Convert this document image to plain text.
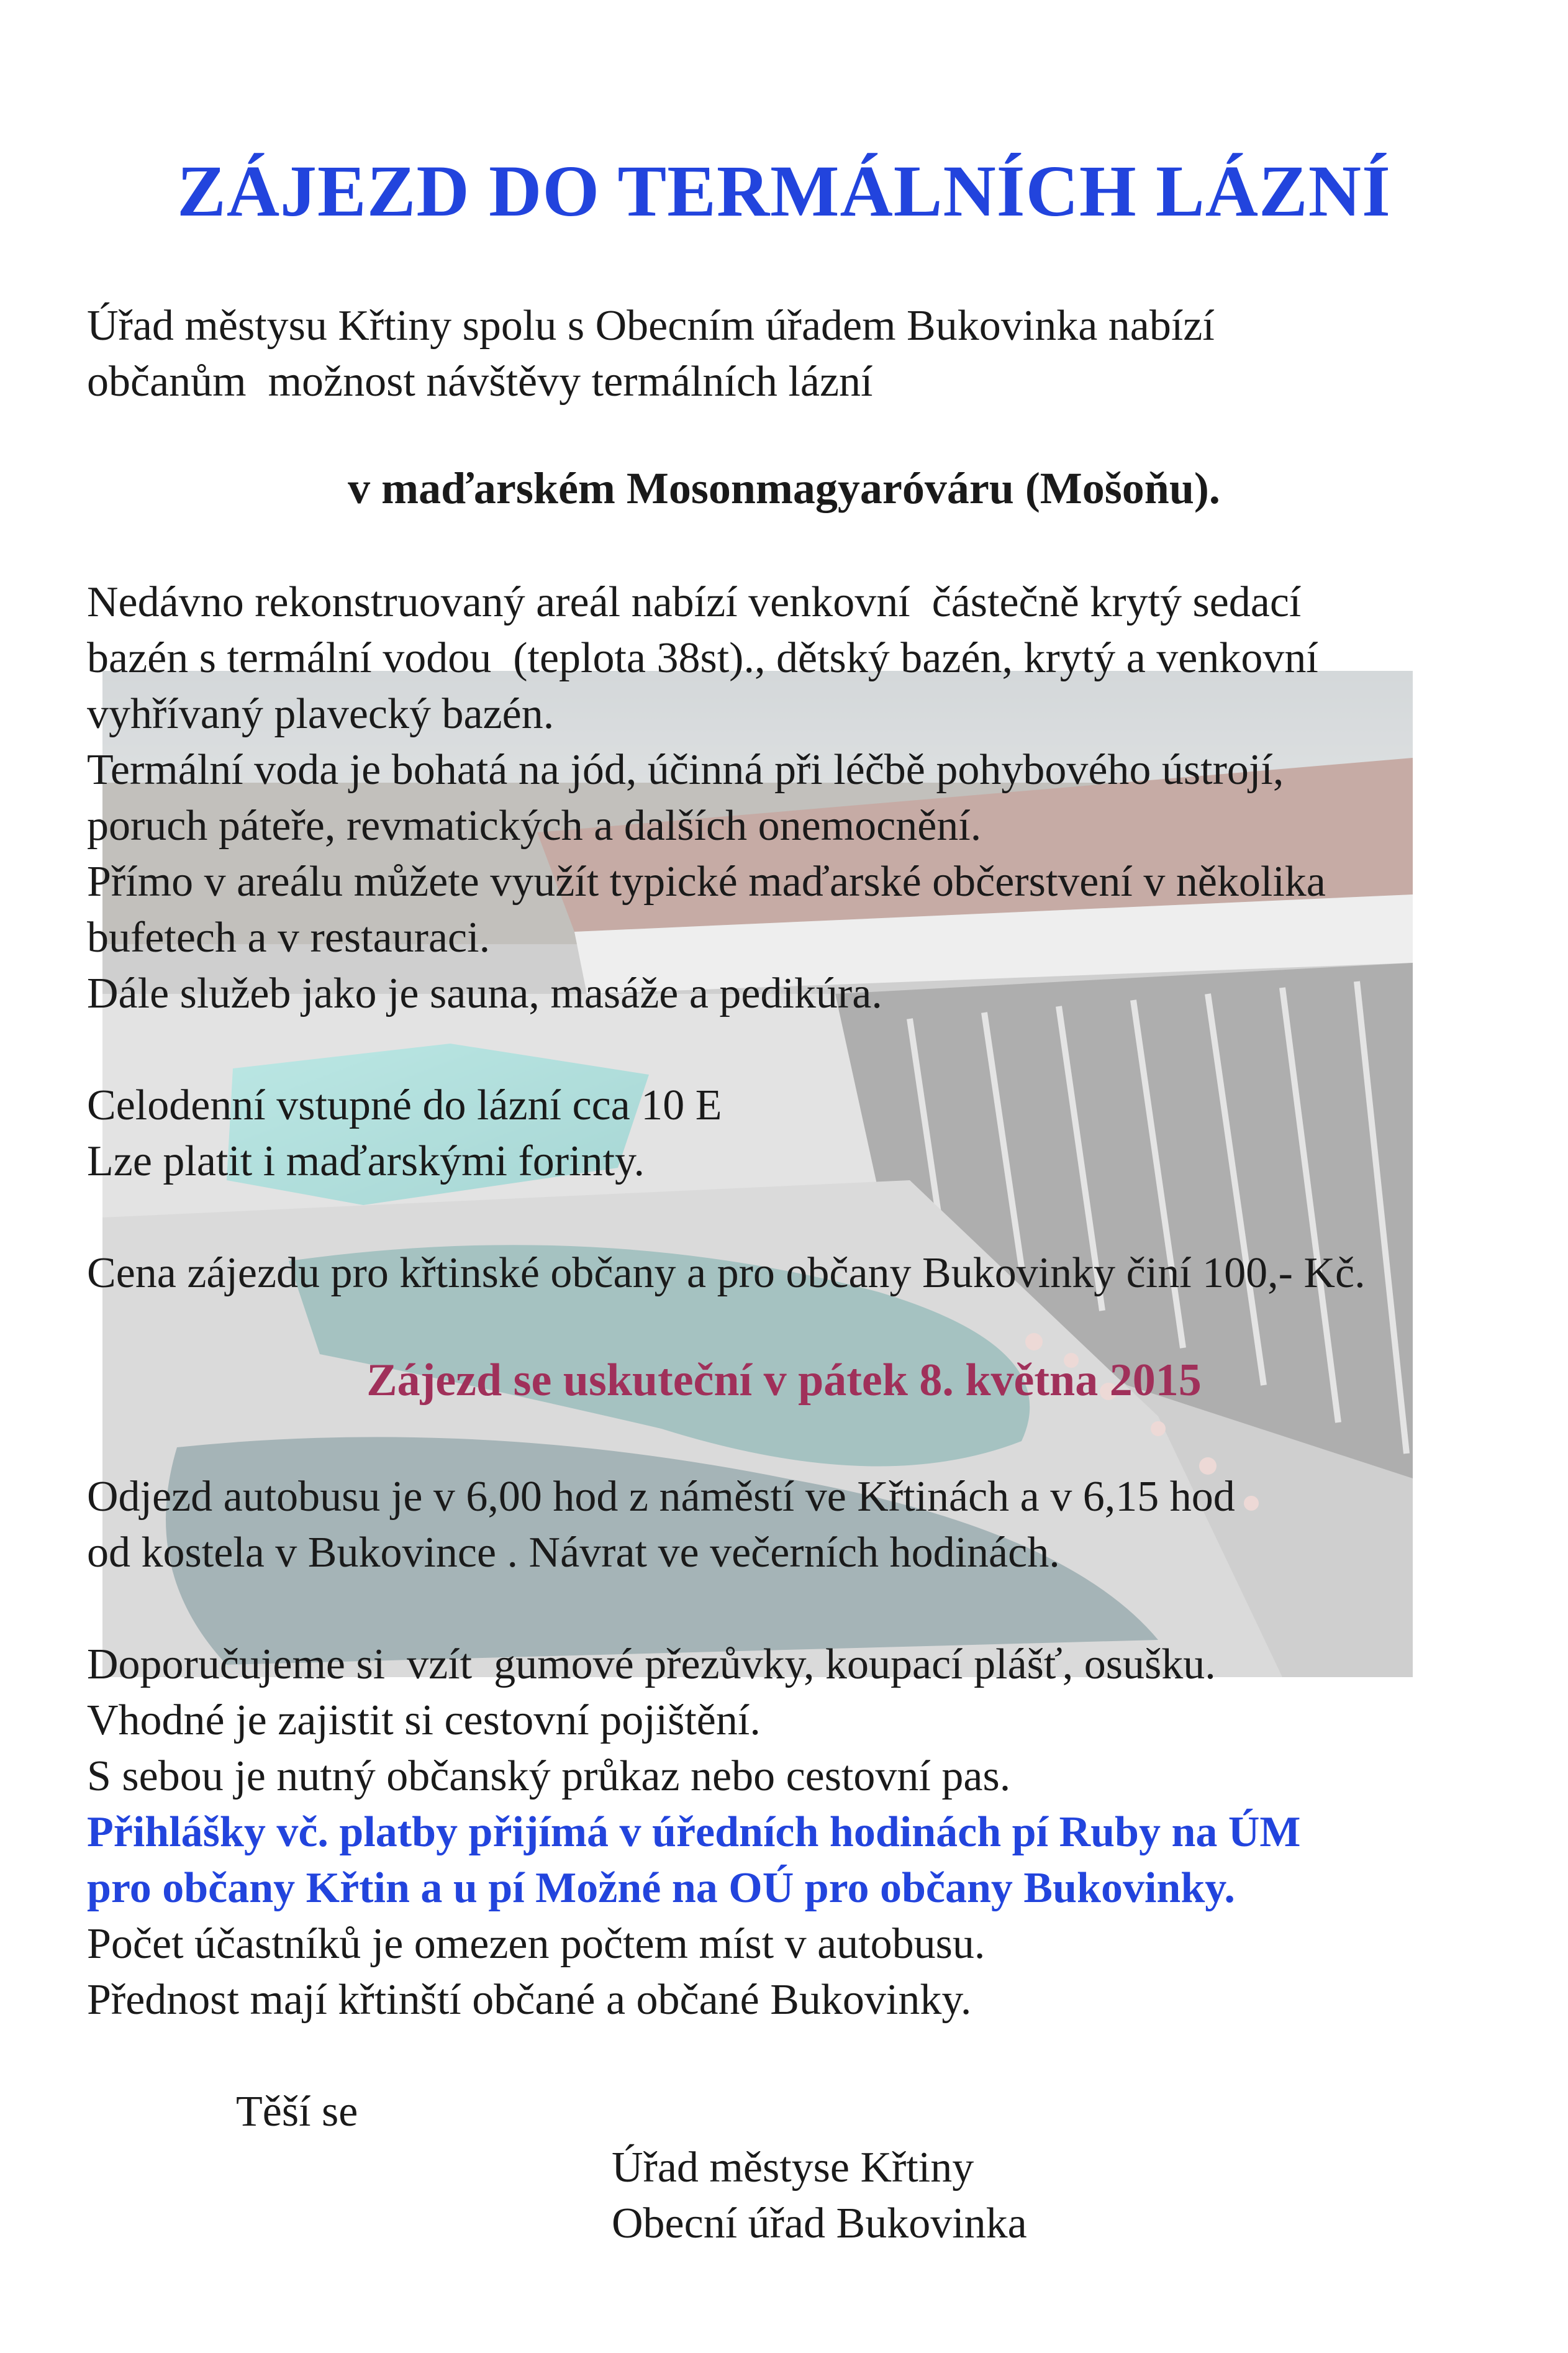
ZÁJEZD DO TERMÁLNÍCH LÁZNÍ
Úřad městysu Křtiny spolu s Obecním úřadem Bukovinka nabízí
občanům  možnost návštěvy termálních lázní
v maďarském Mosonmagyaróváru (Mošoňu).
Nedávno rekonstruovaný areál nabízí venkovní  částečně krytý sedací
bazén s termální vodou  (teplota 38st)., dětský bazén, krytý a venkovní
vyhřívaný plavecký bazén.
Termální voda je bohatá na jód, účinná při léčbě pohybového ústrojí,
poruch páteře, revmatických a dalších onemocnění.
Přímo v areálu můžete využít typické maďarské občerstvení v několika
bufetech a v restauraci.
Dále služeb jako je sauna, masáže a pedikúra.
Celodenní vstupné do lázní cca 10 E
Lze platit i maďarskými forinty.
Cena zájezdu pro křtinské občany a pro občany Bukovinky činí 100,- Kč.
Zájezd se uskuteční v pátek 8. května 2015
Odjezd autobusu je v 6,00 hod z náměstí ve Křtinách a v 6,15 hod
od kostela v Bukovince . Návrat ve večerních hodinách.
Doporučujeme si  vzít  gumové přezůvky, koupací plášť, osušku.
Vhodné je zajistit si cestovní pojištění.
S sebou je nutný občanský průkaz nebo cestovní pas.
Přihlášky vč. platby přijímá v úředních hodinách pí Ruby na ÚM
pro občany Křtin a u pí Možné na OÚ pro občany Bukovinky.
Počet účastníků je omezen počtem míst v autobusu.
Přednost mají křtinští občané a občané Bukovinky.
Těší se
Úřad městyse Křtiny
Obecní úřad Bukovinka
